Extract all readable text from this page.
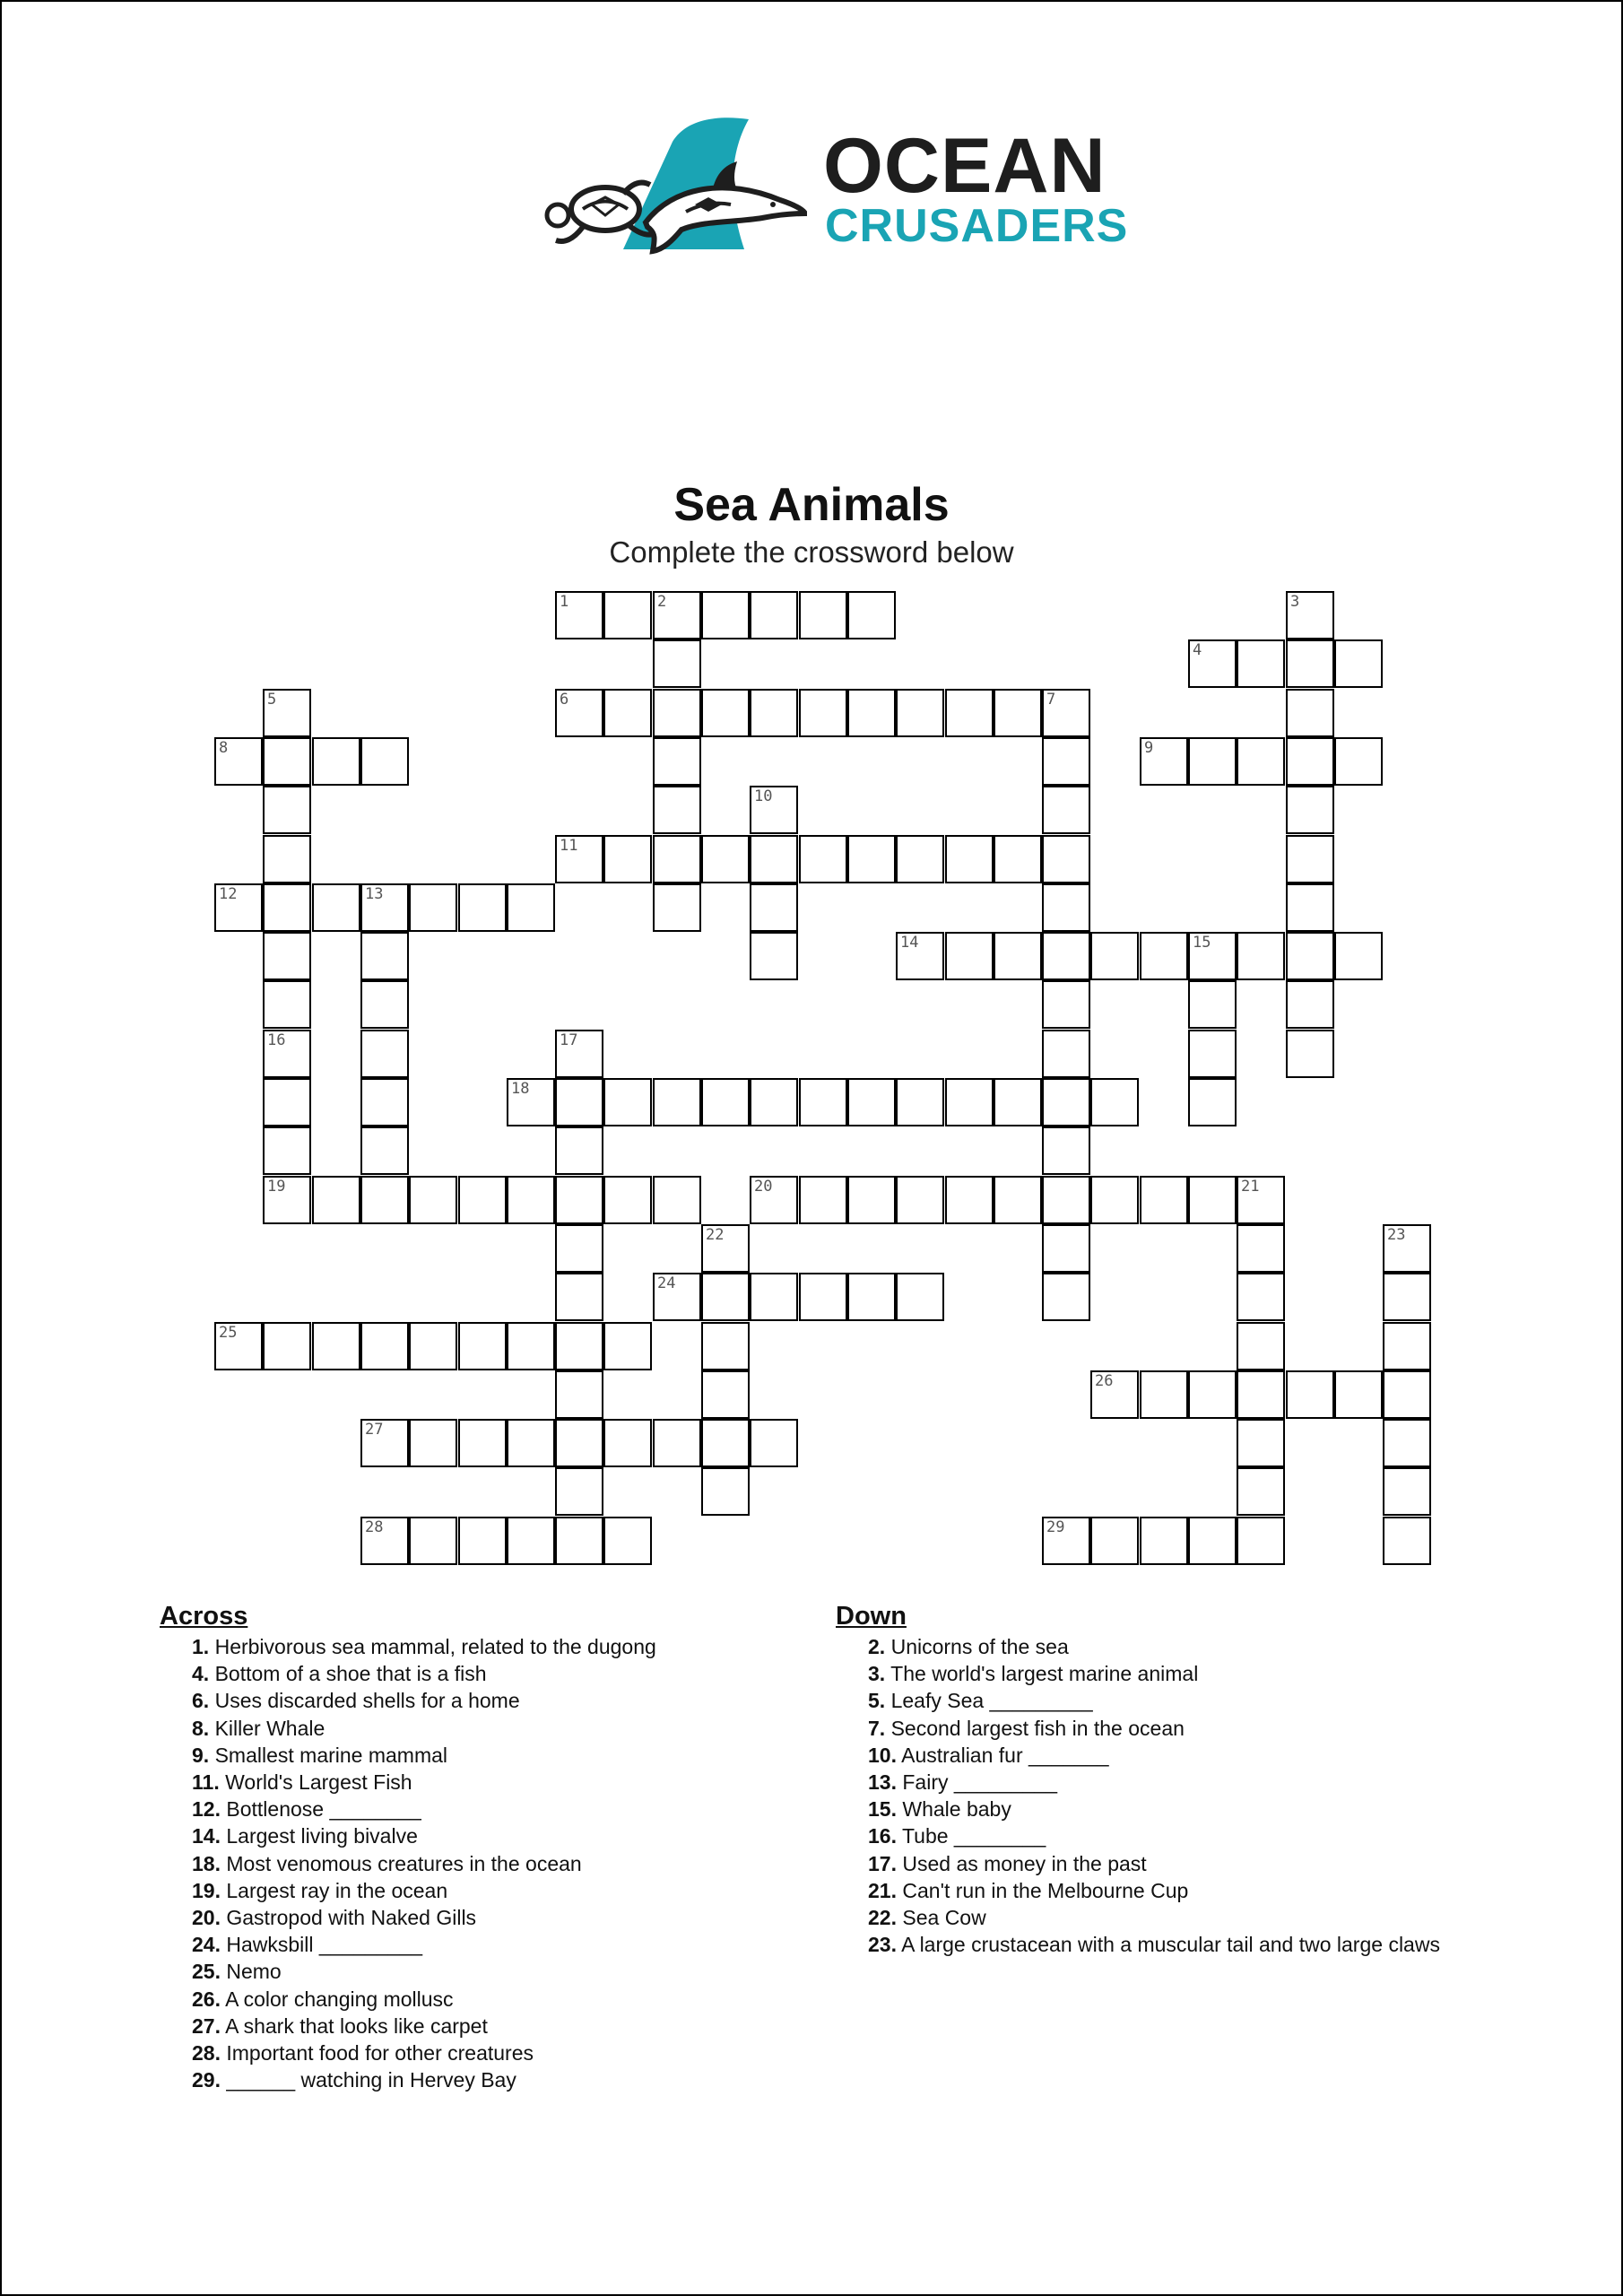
OCEAN
CRUSADERS
Sea Animals
Complete the crossword below
1	2	3
4
5	6	7
8	9
10
11
12	13
14	15
16
19
17
18
20	21
22	23
24
25
26
27
28	29
Across
1. Herbivorous sea mammal, related to the dugong
4. Bottom of a shoe that is a fish
6. Uses discarded shells for a home
8. Killer Whale
9. Smallest marine mammal
11. World's Largest Fish
12. Bottlenose ________
14. Largest living bivalve
18. Most venomous creatures in the ocean
19. Largest ray in the ocean
20. Gastropod with Naked Gills
24. Hawksbill _________
25. Nemo
26. A color changing mollusc
27. A shark that looks like carpet
28. Important food for other creatures
29. ______ watching in Hervey Bay
Down
2. Unicorns of the sea
3. The world's largest marine animal
5. Leafy Sea _________
7. Second largest fish in the ocean
10. Australian fur _______
13. Fairy _________
15. Whale baby
16. Tube ________
17. Used as money in the past
21. Can't run in the Melbourne Cup
22. Sea Cow
23. A large crustacean with a muscular tail and two large claws
